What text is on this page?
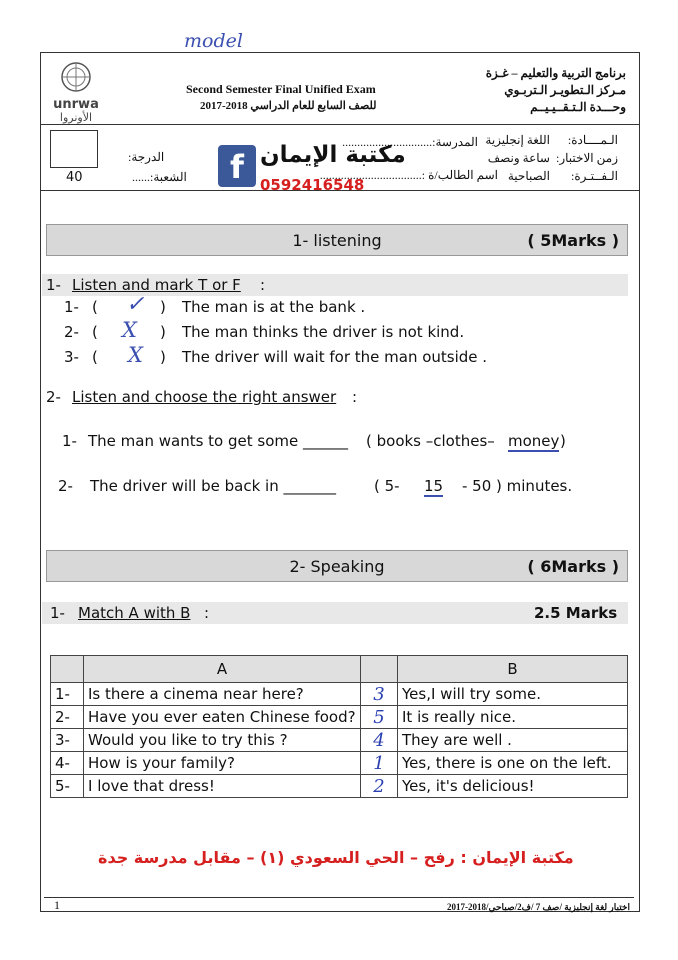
model
unrwa
الأونروا
Second Semester Final Unified Exam
للصف السابع للعام الدراسي 2018-2017
برنامج التربية والتعليم – غـزة
مـركز الـتطويـر الـتربـوي
وحـــدة الـتـقــيـيــم
40
الـمــــادة:
اللغة إنجليزية
زمن الاختبار:
ساعة ونصف
الـفــتـرة:
الصباحية
المدرسة:..............................
اسم الطالب/ة :..................................
الدرجة:
الشعبة:......	f مكتبة الإيمان
0592416548
1- listening	( 5Marks )
1- Listen and mark T or F :
1- ( ✓ ) The man is at the bank .
2- ( X ) The man thinks the driver is not kind.
3- ( X ) The driver will wait for the man outside .
2- Listen and choose the right answer :
1- The man wants to get some ______ ( books –clothes– money )
2- The driver will be back in _______	( 5- 15 - 50 ) minutes.
2- Speaking	( 6Marks )
1- Match A with B :	2.5 Marks
	A		B
1-	Is there a cinema near here?	3	Yes,I will try some.
2-	Have you ever eaten Chinese food?	5	It is really nice.
3-	Would you like to try this ?	4	They are well .
4-	How is your family?	1	Yes, there is one on the left.
5-	I love that dress!	2	Yes, it's delicious!
مكتبة الإيمان : رفح – الحي السعودي (١) – مقابل مدرسة جدة
1	اختبار لغة إنجليزية /صف 7 /ف2/صباحي/2018-2017
